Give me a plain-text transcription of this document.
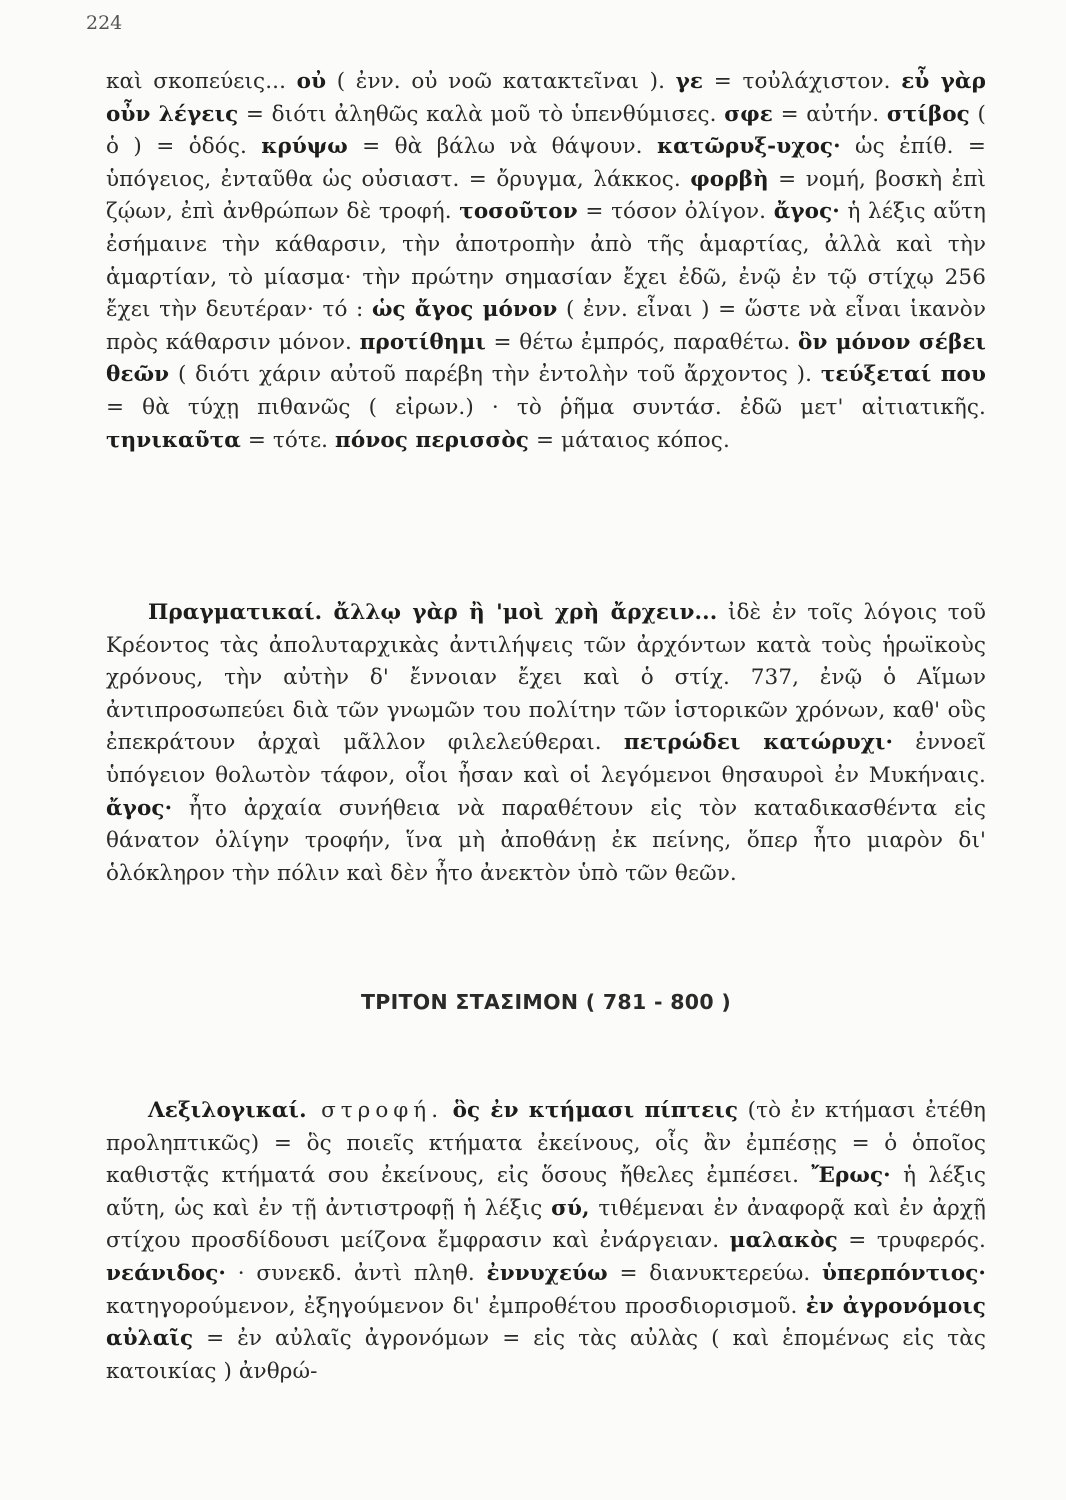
224

καὶ σκοπεύεις... οὐ ( ἐνν. οὐ νοῶ κατακτεῖναι ). γε = τοὐλάχιστον. εὖ γὰρ οὖν λέγεις = διότι ἀληθῶς καλὰ μοῦ τὸ ὑπενθύμισες. σφε = αὐτήν. στίβος ( ὁ ) = ὁδός. κρύψω = θὰ βάλω νὰ θάψουν. κατῶρυξ-υχος· ὡς ἐπίθ. = ὑπόγειος, ἐνταῦθα ὡς οὐσιαστ. = ὄρυγμα, λάκκος. φορβὴ = νομή, βοσκὴ ἐπὶ ζῴων, ἐπὶ ἀνθρώπων δὲ τροφή. τοσοῦτον = τόσον ὀλίγον. ἄγος· ἡ λέξις αὕτη ἐσήμαινε τὴν κάθαρσιν, τὴν ἀποτροπὴν ἀπὸ τῆς ἁμαρτίας, ἀλλὰ καὶ τὴν ἁμαρτίαν, τὸ μίασμα· τὴν πρώτην σημασίαν ἔχει ἐδῶ, ἐνῷ ἐν τῷ στίχῳ 256 ἔχει τὴν δευτέραν· τό : ὡς ἄγος μόνον ( ἐνν. εἶναι ) = ὥστε νὰ εἶναι ἱκανὸν πρὸς κάθαρσιν μόνον. προτίθημι = θέτω ἐμπρός, παραθέτω. ὃν μόνον σέβει θεῶν ( διότι χάριν αὐτοῦ παρέβη τὴν ἐντολὴν τοῦ ἄρχοντος ). τεύξεταί που = θὰ τύχῃ πιθανῶς ( εἰρων.) · τὸ ῥῆμα συντάσ. ἐδῶ μετ' αἰτιατικῆς. τηνικαῦτα = τότε. πόνος περισσὸς = μάταιος κόπος.

Πραγματικαί. ἄλλῳ γὰρ ἢ 'μοὶ χρὴ ἄρχειν... ἰδὲ ἐν τοῖς λόγοις τοῦ Κρέοντος τὰς ἀπολυταρχικὰς ἀντιλήψεις τῶν ἀρχόντων κατὰ τοὺς ἡρωϊκοὺς χρόνους, τὴν αὐτὴν δ' ἔννοιαν ἔχει καὶ ὁ στίχ. 737, ἐνῷ ὁ Αἵμων ἀντιπροσωπεύει διὰ τῶν γνωμῶν του πολίτην τῶν ἱστορικῶν χρόνων, καθ' οὓς ἐπεκράτουν ἀρχαὶ μᾶλλον φιλελεύθεραι. πετρώδει κατώρυχι· ἐννοεῖ ὑπόγειον θολωτὸν τάφον, οἷοι ἦσαν καὶ οἱ λεγόμενοι θησαυροὶ ἐν Μυκήναις. ἄγος· ἦτο ἀρχαία συνήθεια νὰ παραθέτουν εἰς τὸν καταδικασθέντα εἰς θάνατον ὀλίγην τροφήν, ἵνα μὴ ἀποθάνῃ ἐκ πείνης, ὅπερ ἦτο μιαρὸν δι' ὁλόκληρον τὴν πόλιν καὶ δὲν ἦτο ἀνεκτὸν ὑπὸ τῶν θεῶν.

ΤΡΙΤΟΝ ΣΤΑΣΙΜΟΝ ( 781 - 800 )

Λεξιλογικαί. στροφή. ὃς ἐν κτήμασι πίπτεις (τὸ ἐν κτήμασι ἐτέθη προληπτικῶς) = ὃς ποιεῖς κτήματα ἐκείνους, οἷς ἂν ἐμπέσῃς = ὁ ὁποῖος καθιστᾷς κτήματά σου ἐκείνους, εἰς ὅσους ἤθελες ἐμπέσει. Ἔρως· ἡ λέξις αὕτη, ὡς καὶ ἐν τῇ ἀντιστροφῇ ἡ λέξις σύ, τιθέμεναι ἐν ἀναφορᾷ καὶ ἐν ἀρχῇ στίχου προσδίδουσι μείζονα ἔμφρασιν καὶ ἐνάργειαν. μαλακὸς = τρυφερός. νεάνιδος· · συνεκδ. ἀντὶ πληθ. ἐννυχεύω = διανυκτερεύω. ὑπερπόντιος· κατηγορούμενον, ἐξηγούμενον δι' ἐμπροθέτου προσδιορισμοῦ. ἐν ἀγρονόμοις αὐλαῖς = ἐν αὐλαῖς ἀγρονόμων = εἰς τὰς αὐλὰς ( καὶ ἑπομένως εἰς τὰς κατοικίας ) ἀνθρώ-
